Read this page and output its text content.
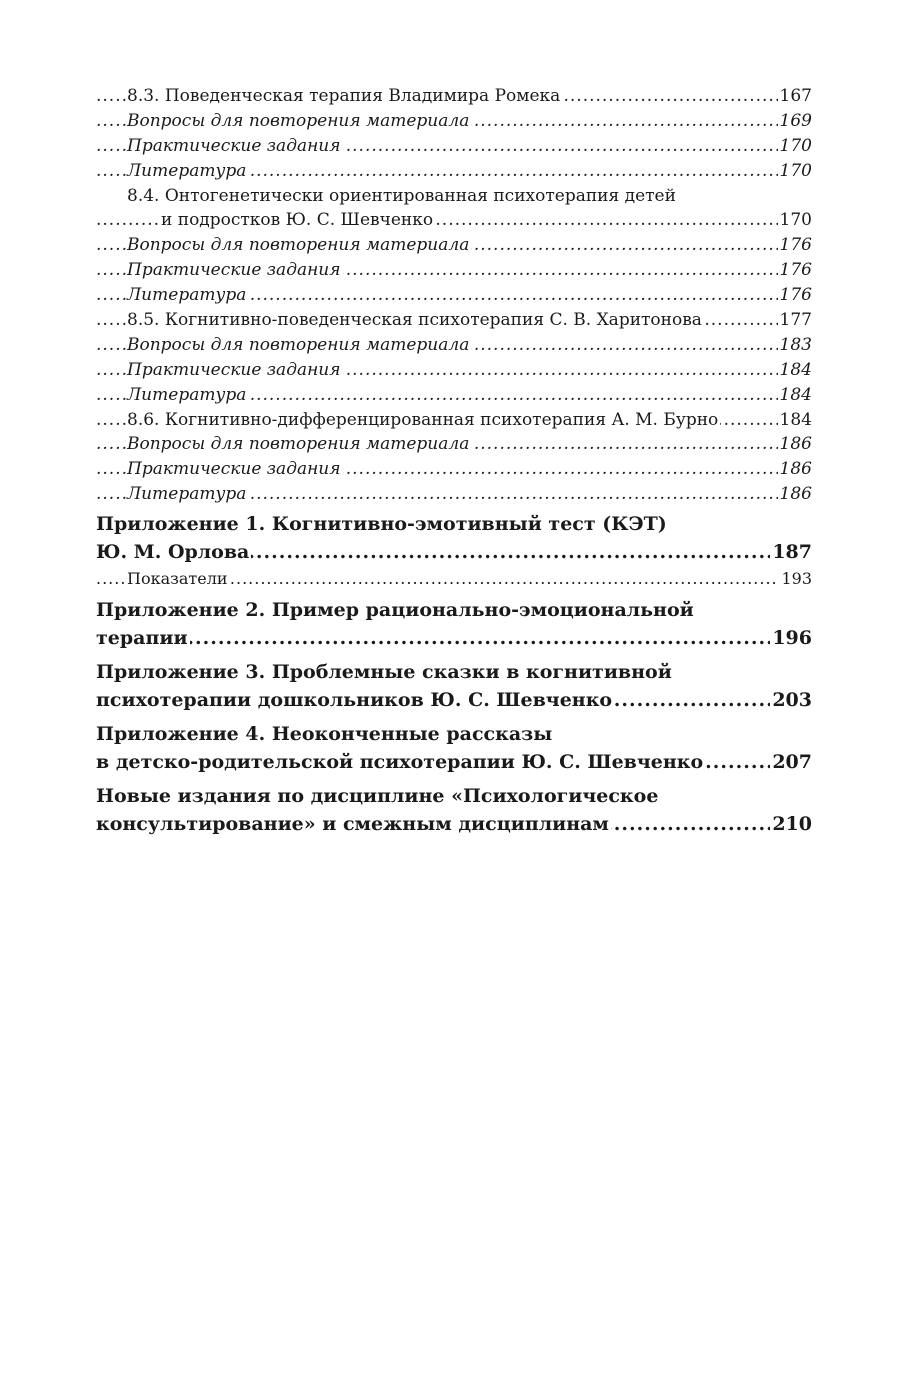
8.3. Поведенческая терапия Владимира Ромека	167
.....
Вопросы для повторения материала	169
.....
Практические задания	170
.....
Литература	170
.....
8.4. Онтогенетически ориентированная психотерапия детей
и подростков Ю. С. Шевченко	170
.....
Вопросы для повторения материала	176
.....
Практические задания	176
.....
Литература	176
.....
8.5. Когнитивно-поведенческая психотерапия С. В. Харитонова	177
.....
Вопросы для повторения материала	183
.....
Практические задания	184
.....
Литература	184
.....
8.6. Когнитивно-дифференцированная психотерапия А. М. Бурно	184
.....
Вопросы для повторения материала	186
.....
Практические задания	186
.....
Литература	186
.....
Приложение 1. Когнитивно-эмотивный тест (КЭТ)
Ю. М. Орлова	187
.....
Показатели	193
.....
Приложение 2. Пример рационально-эмоциональной
терапии	196
.....
Приложение 3. Проблемные сказки в когнитивной
психотерапии дошкольников Ю. С. Шевченко	203
.....
Приложение 4. Неоконченные рассказы
в детско-родительской психотерапии Ю. С. Шевченко	207
.....
Новые издания по дисциплине «Психологическое
консультирование» и смежным дисциплинам	210
.....
